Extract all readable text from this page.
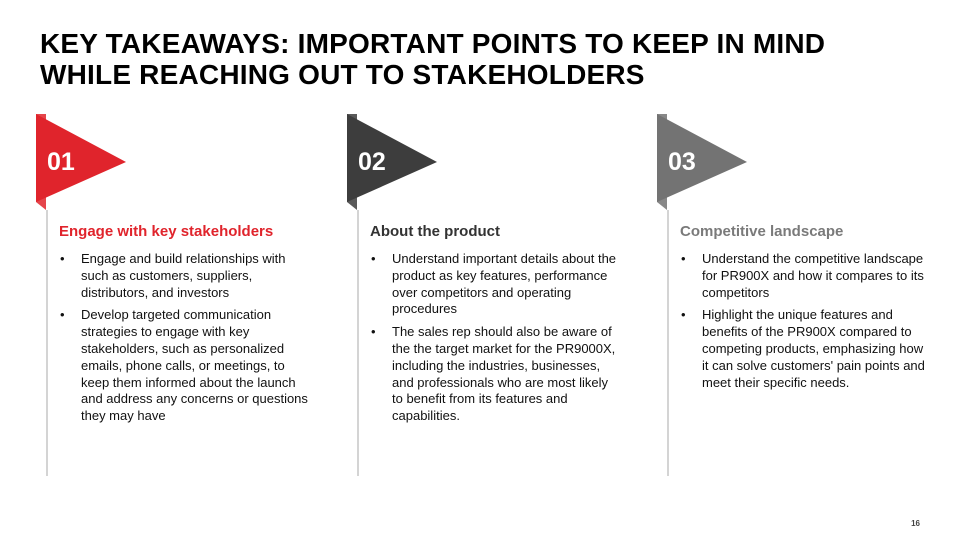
KEY TAKEAWAYS: IMPORTANT POINTS TO KEEP IN MIND WHILE REACHING OUT TO STAKEHOLDERS
01
Engage with key stakeholders
• Engage and build relationships with such as customers, suppliers, distributors, and investors
• Develop targeted communication strategies to engage with key stakeholders, such as personalized emails, phone calls, or meetings, to keep them informed about the launch and address any concerns or questions they may have
02
About the product
• Understand important details about the product as key features, performance over competitors and operating procedures
• The sales rep should also be aware of the the target market for the PR9000X, including the industries, businesses, and professionals who are most likely to benefit from its features and capabilities.
03
Competitive landscape
• Understand the competitive landscape for PR900X and how it compares to its competitors
• Highlight the unique features and benefits of the PR900X compared to competing products, emphasizing how it can solve customers' pain points and meet their specific needs.
16
